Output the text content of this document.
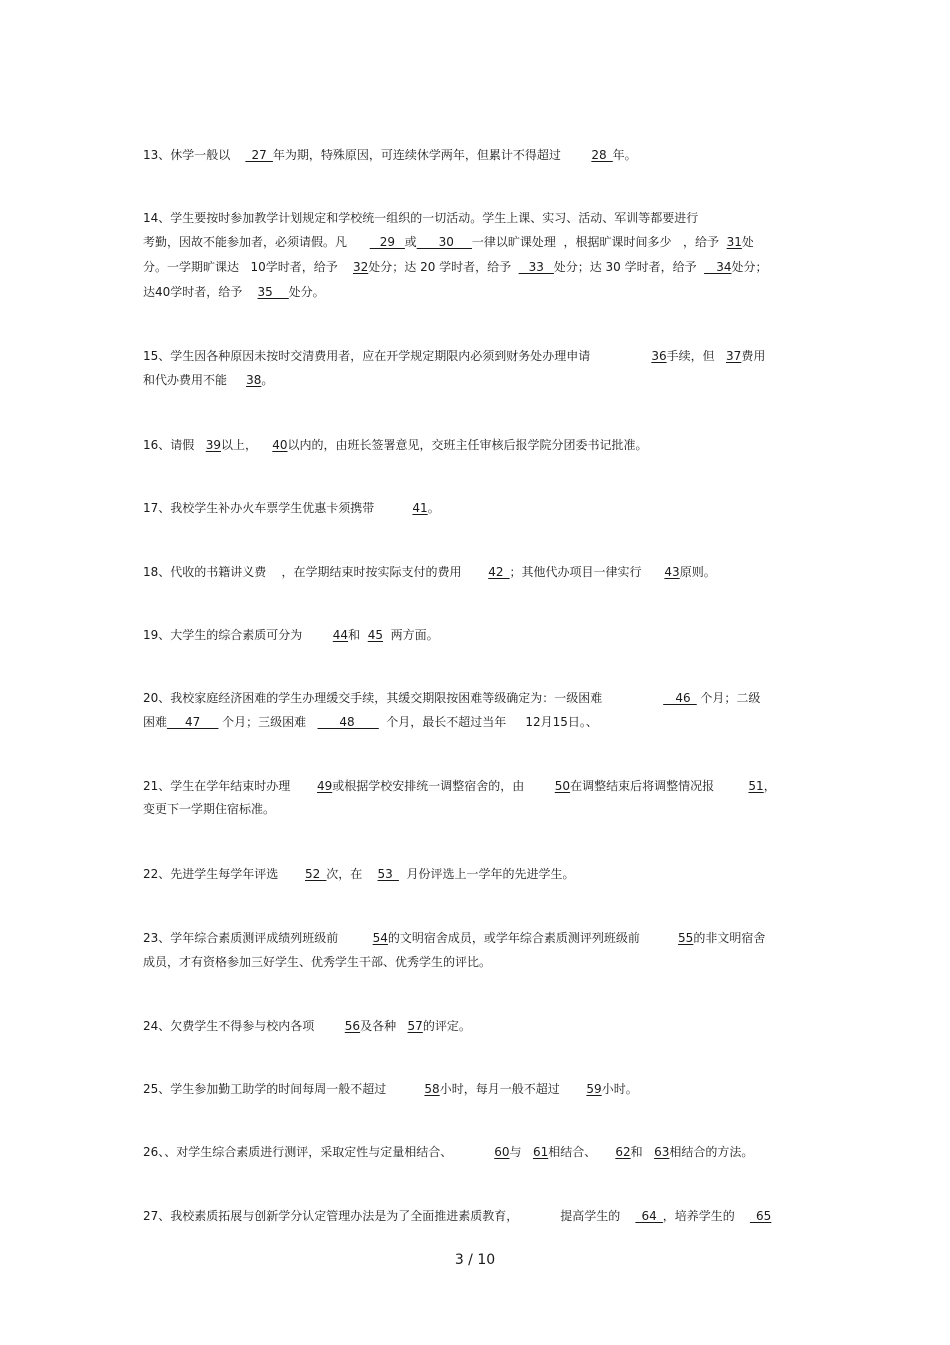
13、休学一般以    _27_年为期，特殊原因，可连续休学两年，但累计不得超过        28_年。
14、学生要按时参加教学计划规定和学校统一组织的一切活动。学生上课、实习、活动、军训等都要进行
考勤，因故不能参加者，必须请假。凡      _ 29 _或_ __30___一律以旷课处理  ，根据旷课时间多少   ，给予  31处
分。一学期旷课达   10学时者，给予    32处分；达 20 学时者，给予  _ 33 _处分；达 30 学时者，给予  __34处分；
达40学时者，给予    35 __处分。
15、学生因各种原因未按时交清费用者，应在开学规定期限内必须到财务处办理申请                36手续，但   37费用
和代办费用不能     38。
16、请假   39以上，    40以内的，由班长签署意见，交班主任审核后报学院分团委书记批准。
17、我校学生补办火车票学生优惠卡须携带          41。
18、代收的书籍讲义费    ，在学期结束时按实际支付的费用       42_；其他代办项目一律实行      43原则。
19、大学生的综合素质可分为        44和  45  两方面。
20、我校家庭经济困难的学生办理缓交手续，其缓交期限按困难等级确定为：一级困难                __46_ 个月；二级
困难___47___ 个月；三级困难   ___ 48____  个月，最长不超过当年     12月15日。、
21、学生在学年结束时办理       49或根据学校安排统一调整宿舍的，由        50在调整结束后将调整情况报         51，
变更下一学期住宿标准。
22、先进学生每学年评选       52_次，在    53_  月份评选上一学年的先进学生。
23、学年综合素质测评成绩列班级前         54的文明宿舍成员，或学年综合素质测评列班级前          55的非文明宿舍
成员，才有资格参加三好学生、优秀学生干部、优秀学生的评比。
24、欠费学生不得参与校内各项        56及各种   57的评定。
25、学生参加勤工助学的时间每周一般不超过          58小时，每月一般不超过       59小时。
26、、对学生综合素质进行测评，采取定性与定量相结合、           60与   61相结合、     62和   63相结合的方法。
27、我校素质拓展与创新学分认定管理办法是为了全面推进素质教育，           提高学生的    _64_，培养学生的    _65
3 / 10
